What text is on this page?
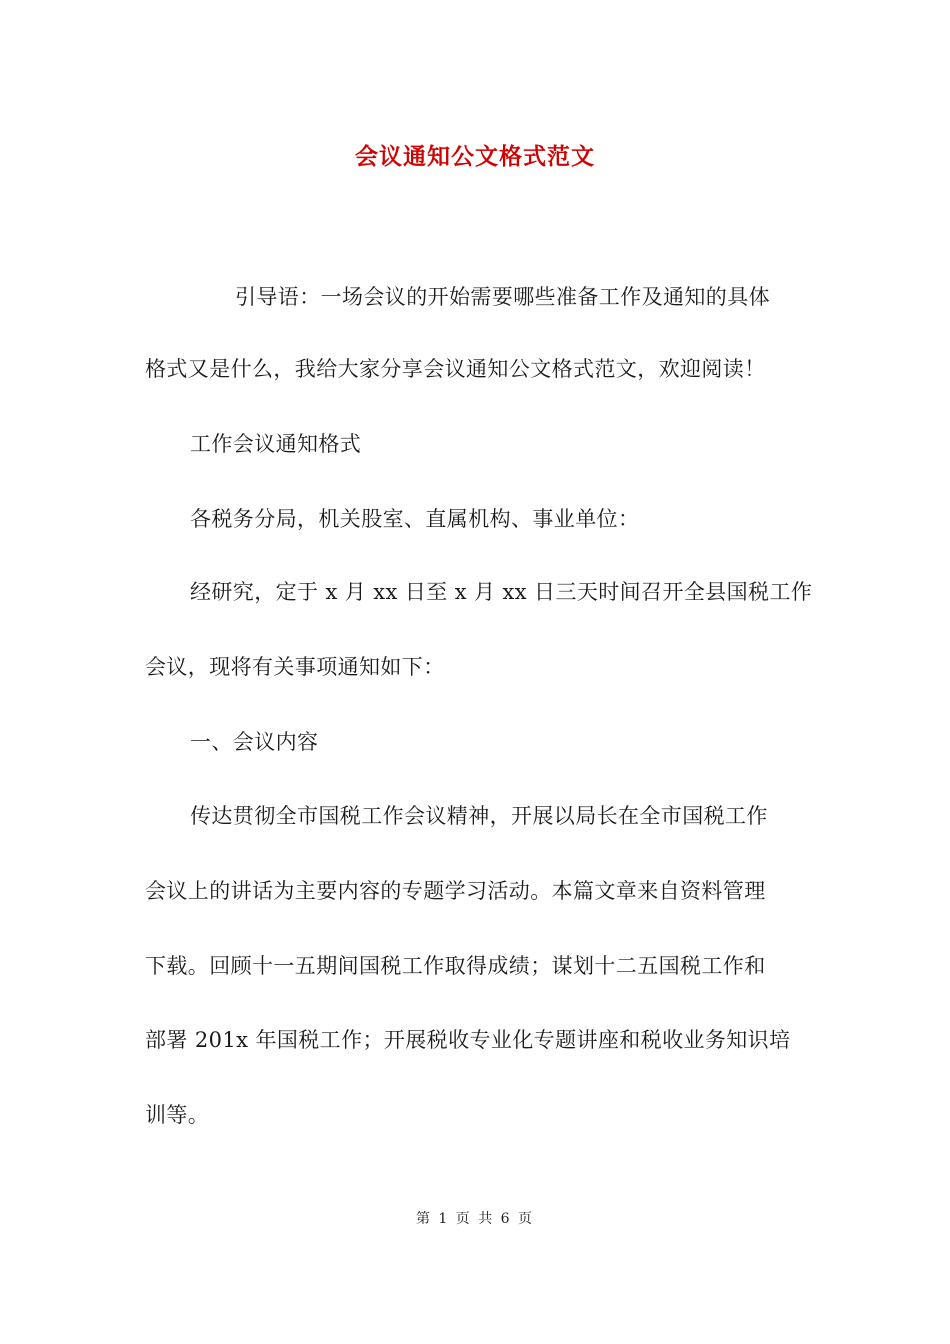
会议通知公文格式范文
引导语：一场会议的开始需要哪些准备工作及通知的具体
格式又是什么，我给大家分享会议通知公文格式范文，欢迎阅读！
工作会议通知格式
各税务分局，机关股室、直属机构、事业单位：
经研究，定于 x 月 xx 日至 x 月 xx 日三天时间召开全县国税工作
会议，现将有关事项通知如下：
一、会议内容
传达贯彻全市国税工作会议精神，开展以局长在全市国税工作
会议上的讲话为主要内容的专题学习活动。本篇文章来自资料管理
下载。回顾十一五期间国税工作取得成绩；谋划十二五国税工作和
部署 201x 年国税工作；开展税收专业化专题讲座和税收业务知识培
训等。
第 1 页 共 6 页
